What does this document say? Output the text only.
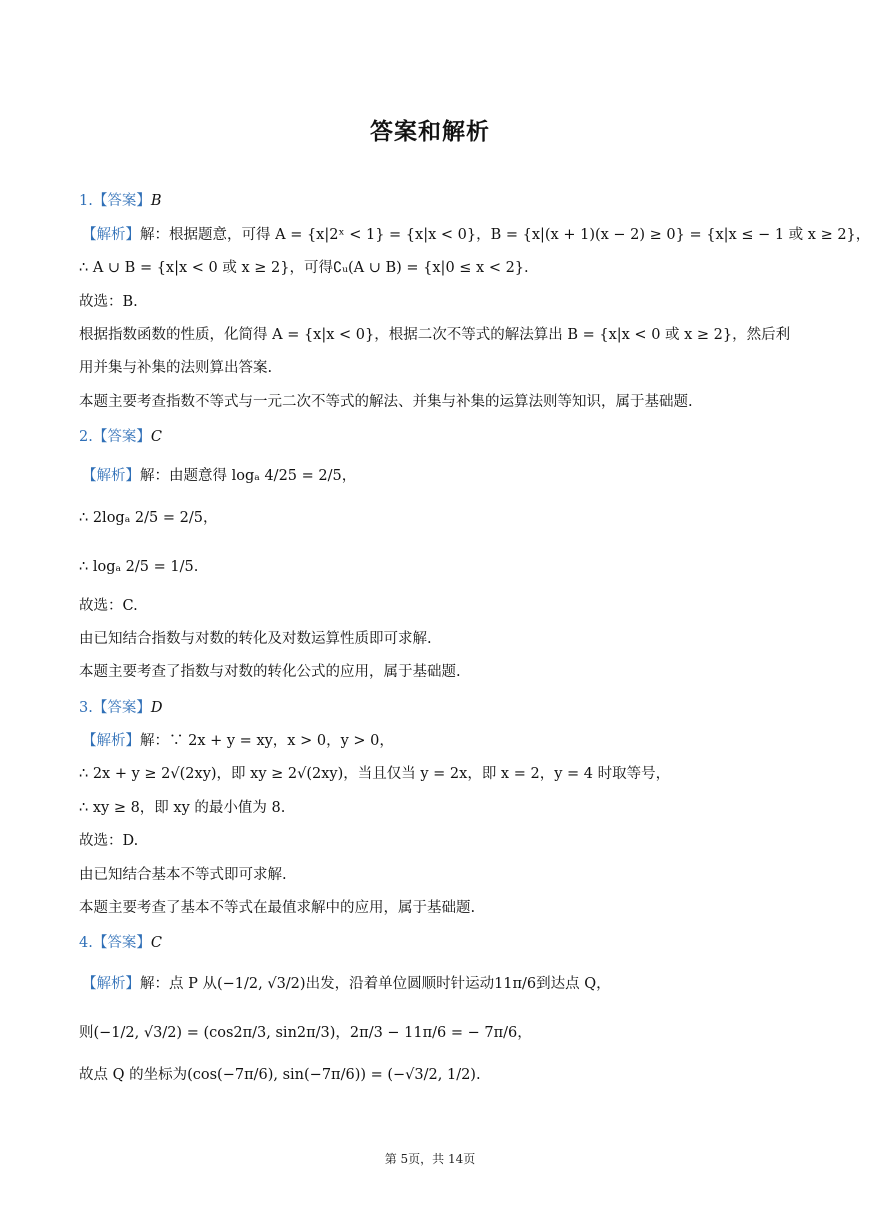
答案和解析
1.【答案】B
【解析】解：根据题意，可得 A = {x|2ˣ < 1} = {x|x < 0}，B = {x|(x + 1)(x − 2) ≥ 0} = {x|x ≤ − 1 或 x ≥ 2}，
∴ A ∪ B = {x|x < 0 或 x ≥ 2}，可得∁ᵤ(A ∪ B) = {x|0 ≤ x < 2}.
故选：B.
根据指数函数的性质，化简得 A = {x|x < 0}，根据二次不等式的解法算出 B = {x|x < 0 或 x ≥ 2}，然后利
用并集与补集的法则算出答案.
本题主要考查指数不等式与一元二次不等式的解法、并集与补集的运算法则等知识，属于基础题.
2.【答案】C
【解析】解：由题意得 logₐ 4/25 = 2/5，
∴ 2logₐ 2/5 = 2/5，
∴ logₐ 2/5 = 1/5.
故选：C.
由已知结合指数与对数的转化及对数运算性质即可求解.
本题主要考查了指数与对数的转化公式的应用，属于基础题.
3.【答案】D
【解析】解：∵ 2x + y = xy，x > 0，y > 0，
∴ 2x + y ≥ 2√(2xy)，即 xy ≥ 2√(2xy)，当且仅当 y = 2x，即 x = 2，y = 4 时取等号，
∴ xy ≥ 8，即 xy 的最小值为 8.
故选：D.
由已知结合基本不等式即可求解.
本题主要考查了基本不等式在最值求解中的应用，属于基础题.
4.【答案】C
【解析】解：点 P 从(−1/2, √3/2)出发，沿着单位圆顺时针运动11π/6到达点 Q，
则(−1/2, √3/2) = (cos2π/3, sin2π/3)，2π/3 − 11π/6 = − 7π/6，
故点 Q 的坐标为(cos(−7π/6), sin(−7π/6)) = (−√3/2, 1/2).
第 5页，共 14页
